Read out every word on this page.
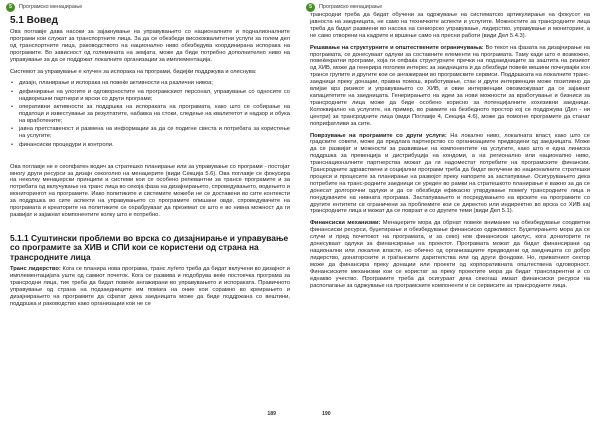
5 Програмско менаџирање
5.1 Вовед

Овa поглавје дава насоки за зајакнување на управувањето со националните и подналионалните програми кои служат за транспортните лица. За да се обезбеди висококвалитетни услуги за голем дел од транспортните лица, раководството на национално ниво обезбедува координирана испорака на програмите. Во зависност од големината на земјата, може да биде потребно дополнително ниво на управување за да се поддржат локалните организации за имплементација.

Системот за управување е клучен за испорака на програми, бидејќи поддржува и олеснува:

• дизајн, планирање и испорака на повеќе активности на различни нивоа;
• дефинирање на улогите и одговорностите на програмскиот персонал, управување со односите со надворешни партнери и врски со други програми;
• оперативни активности за поддршка на испораката на програмата, како што се собирање на податоци и известување за резултатите, набавка на стоки, следење на квалитетот и надзор и обука на вработените;
• јавна претставеност и размена на информации за да се подигне свеста и потребата за користење на услугите;
• финансиски процедури и контроли.

Овa поглавје не е сеопфатен водич за стратешко планирање или за управување со програми - постојат многу други ресурси за дизајн секоголно на менаџерите (види Секција 5.6). Ова поглавје се фокусира на неколку менаџерски принципи и системи кои се особено релевантни за трансе програмите и за потребата од вклучување на транс лица во секоја фаза на дизајнирањето, спроведувањето, водењето и мониторингот на програмите. Иако политиките и системите можеби не се доставени во сите контексти за поддршка во сите аспекти на управувањето со програмите опишани овде, спроведувачите на програмата и креаторите на политиките се охрабруваат да преземат се што е во нивна можност да ги развијат и зајакнат компонентите колку што е потребно.

5.1.1 Суштински проблеми во врска со дизајнирање и управување со програмите за ХИВ и СПИ кои се користени од страна на трансродните лица

Транс лидерство: Кога се планира нова програма, транс луѓето треба да бидат вклучени во дизајнот и имплементацијата уште од самиот почеток. Кога се развива и подобрува веќе постоечка програма за трансродни лица, тие треба да бидат повеќе ангажирани во управувањето и испораката. Правичното управување од страна на подзаедниците им помага на оние кои сорамно во креирањето и дизајнирањето на програмите да сфатат дека заедницата може да биде поддржана со вештини, поддршка и раководство како организации кои не се

189
5 Програмско менаџирање

трансродни треба да бидат обучени за одржување на систематско артикулирање на фокусот на јавноста на заедницата, не само на техничките аспекти и услугите. Можностите за трансродните лица треба да бидат развиени во насока на сениорско управување, лидерство, управување и мониторинг, а не само отворени на кадрите и вршење само на пресни работи (види Дел 5.4.3).

Решавање на структурните и општествените ограничувања: Во текот на фазата на дизајнирање на програмата, се донесуваат одлуки за составните елементи на програмата. Таму каде што е возможно, повеќекратни програми, која ги опфаќа структурните пречки на подзаедниците за заштита на ризикот од ХИВ, може да генерира поголем интерес за заедницата и да обезбеди повеќе вешини почнувајќи кон трансе групите и другите кои се ангажирани во програмските сервиси. Поддршката на локалните транс-заедници преку донации, правна помош, вработување, стан и други интервенции може позитивно да влијае врз ризикот и управувањето со ХИВ, и овие интервенции овозможуваат да се зајакнат капацитетите на заедницата. Генерирањето на идеи за нови можности за вработување и бизниси за трансродните лица може да биде особено корисно за потенцијалните кохезивни заедници. Колоквијално на услугите, на пример, во рамките на безбедното простор кој се поддржува (Дел - ни центри) за трансродните лица (види Поглавје 4, Секција 4.6), може да помогне програмите да станат поприфатливи за сите.

Поврзување на програмите со други услуги: На локално ниво, локалната власт, како што се градските совети, може да предлага партнерство со организациите предводени од заедницата. Може да се развијат и можности за развивање на компонентите на услугите, како што е една линиска поддршка за превенција и дистрибуција на кондоми, а на регионално или национално ниво, транснационалните партнерства можат да ги надоместат потребите на програмските финансии. Трансродните здравствени и социјални програми треба да бидат вклучени во националните стратешки процеси и процесите за планирање на развојот преку напорите за застапување. Осигурувањето дека потребите на транс-родните заедници се уреден во рамки на стратешкото планирање е важно за да се донесат долгорочни одлуки и да се обезбеди ефикасно утврдување помеѓу трансродните лица и понудувачите на нивната програма. Застапувањето и посредувањето на врските на програмите со другите ентитети се ограничени за проблемите кои се директно или индиректно во врска со ХИВ кај трансродните лица и можат да се поврзат и со другите теми (види Дел 5.1).

Финансиски механизми: Менаџерите мора да обрнат повеќе внимание на обезбедување соодветни финансиски ресурси, буџетирање и обезбедување финансиско одржливост. Буџетирањето мора да се случи и пред почетокот на програмата, и за секој нов финансиски циклус, кога донаторите ги донесуваат одлуки за финансирање на проектот. Програмата можат да бидат финансирани од национални или локални власти, но обично од организациите предводени од заедницата со добро лидерство, донаторските и граѓанските дарителства или од други фондови. Но, приватниот сектор може да финансира преку донации или проекти од корпоративната општествена одговорност. Финансиските механизми кои се користат за преку проектите мора да бидат транспарентни и со еднакво учество. Програмите треба да осигураат дека секогаш имаат финансиски ресурси на располагање за одржување на програмските компоненти и се сервисите за трансродните лица.

190
